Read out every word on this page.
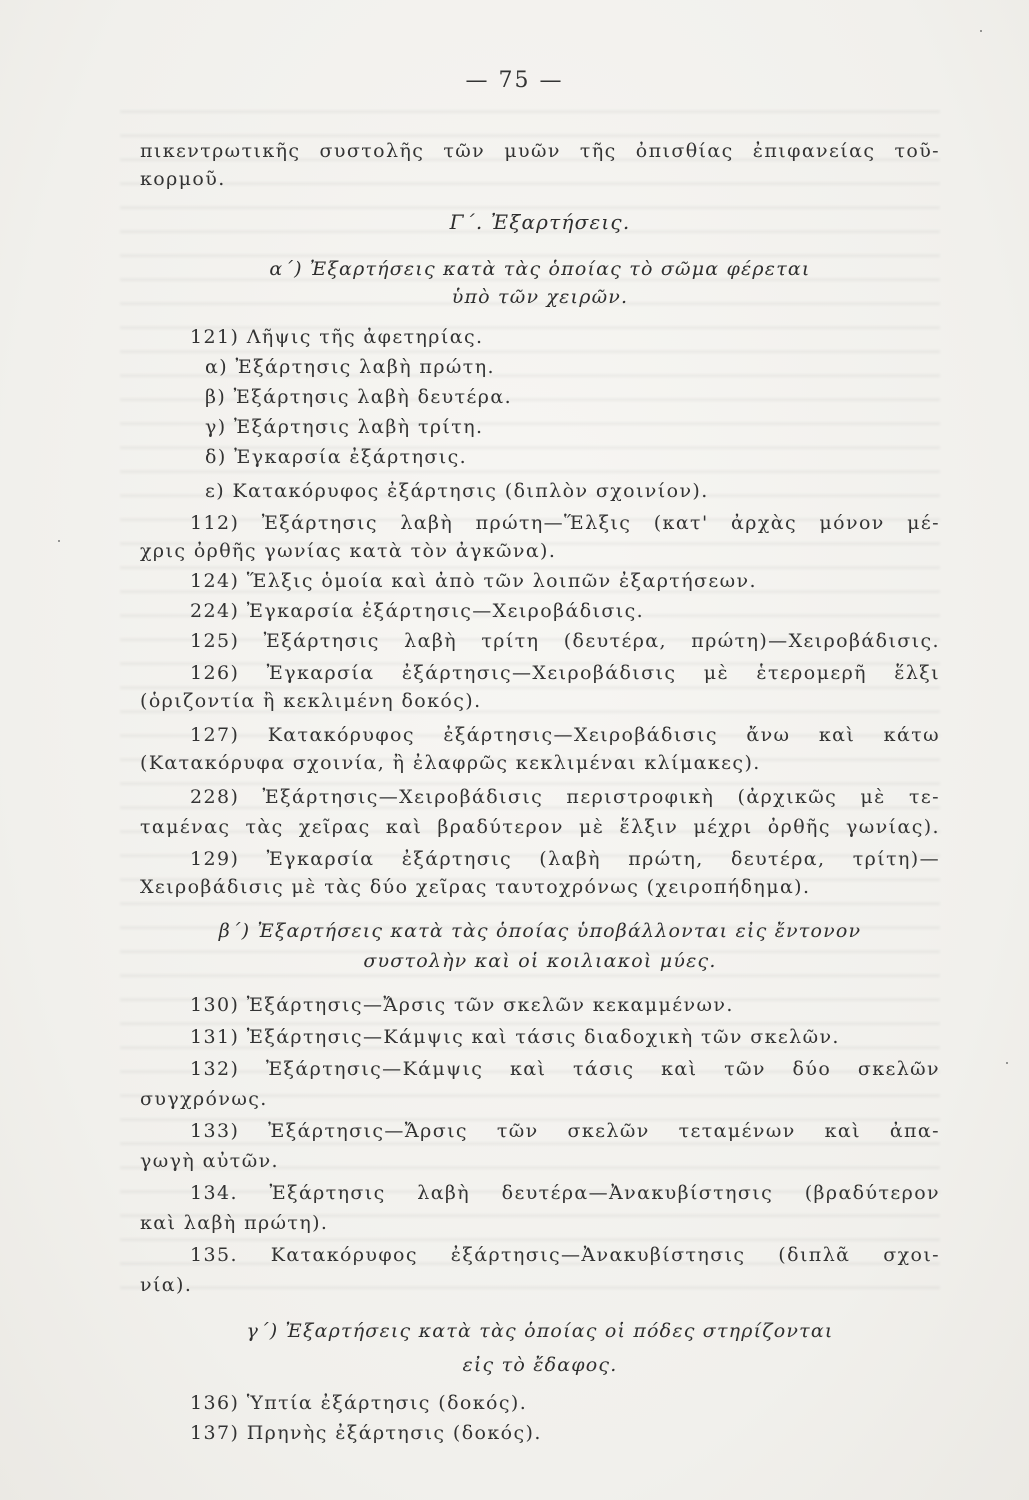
— 75 —
πικεντρωτικῆς συστολῆς τῶν μυῶν τῆς ὀπισθίας ἐπιφανείας τοῦ-
κορμοῦ.
Γ΄. Ἐξαρτήσεις.
α΄) Ἐξαρτήσεις κατὰ τὰς ὁποίας τὸ σῶμα φέρεται
ὑπὸ τῶν χειρῶν.
121) Λῆψις τῆς ἀφετηρίας.
α) Ἐξάρτησις λαβὴ πρώτη.
β) Ἐξάρτησις λαβὴ δευτέρα.
γ) Ἐξάρτησις λαβὴ τρίτη.
δ) Ἐγκαρσία ἐξάρτησις.
ε) Κατακόρυφος ἐξάρτησις (διπλὸν σχοινίον).
112) Ἐξάρτησις λαβὴ πρώτη—Ἕλξις (κατ' ἀρχὰς μόνον μέ-
χρις ὀρθῆς γωνίας κατὰ τὸν ἀγκῶνα).
124) Ἕλξις ὁμοία καὶ ἀπὸ τῶν λοιπῶν ἐξαρτήσεων.
224) Ἐγκαρσία ἐξάρτησις—Χειροβάδισις.
125) Ἐξάρτησις λαβὴ τρίτη (δευτέρα, πρώτη)—Χειροβάδισις.
126) Ἐγκαρσία ἐξάρτησις—Χειροβάδισις μὲ ἑτερομερῆ ἕλξι
(ὁριζοντία ἢ κεκλιμένη δοκός).
127) Κατακόρυφος ἐξάρτησις—Χειροβάδισις ἄνω καὶ κάτω
(Κατακόρυφα σχοινία, ἢ ἐλαφρῶς κεκλιμέναι κλίμακες).
228) Ἐξάρτησις—Χειροβάδισις περιστροφικὴ (ἀρχικῶς μὲ τε-
ταμένας τὰς χεῖρας καὶ βραδύτερον μὲ ἕλξιν μέχρι ὀρθῆς γωνίας).
129) Ἐγκαρσία ἐξάρτησις (λαβὴ πρώτη, δευτέρα, τρίτη)—
Χειροβάδισις μὲ τὰς δύο χεῖρας ταυτοχρόνως (χειροπήδημα).
β΄) Ἐξαρτήσεις κατὰ τὰς ὁποίας ὑποβάλλονται εἰς ἔντονον
συστολὴν καὶ οἱ κοιλιακοὶ μύες.
130) Ἐξάρτησις—Ἄρσις τῶν σκελῶν κεκαμμένων.
131) Ἐξάρτησις—Κάμψις καὶ τάσις διαδοχικὴ τῶν σκελῶν.
132) Ἐξάρτησις—Κάμψις καὶ τάσις καὶ τῶν δύο σκελῶν
συγχρόνως.
133) Ἐξάρτησις—Ἄρσις τῶν σκελῶν τεταμένων καὶ ἀπα-
γωγὴ αὐτῶν.
134. Ἐξάρτησις λαβὴ δευτέρα—Ἀνακυβίστησις (βραδύτερον
καὶ λαβὴ πρώτη).
135. Κατακόρυφος ἐξάρτησις—Ἀνακυβίστησις (διπλᾶ σχοι-
νία).
γ΄) Ἐξαρτήσεις κατὰ τὰς ὁποίας οἱ πόδες στηρίζονται
εἰς τὸ ἔδαφος.
136) Ὑπτία ἐξάρτησις (δοκός).
137) Πρηνὴς ἐξάρτησις (δοκός).
